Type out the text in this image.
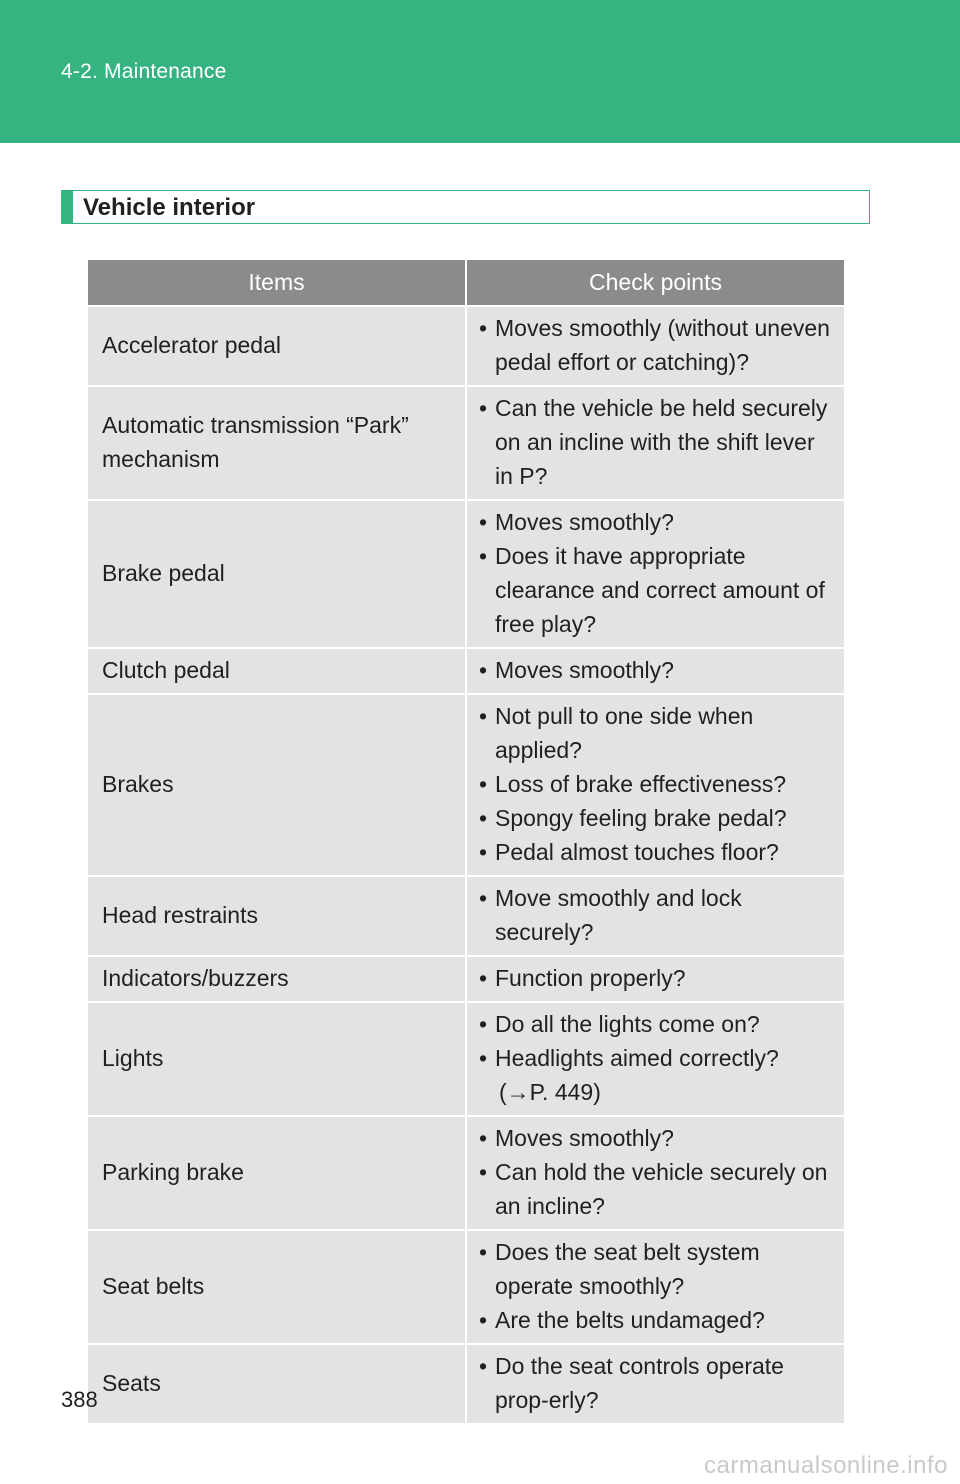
4-2. Maintenance
Vehicle interior
Items	Check points
Accelerator pedal	• Moves smoothly (without uneven pedal effort or catching)?

Automatic transmission “Park” mechanism	• Can the vehicle be held securely on an incline with the shift lever in P?

Brake pedal	• Moves smoothly?
• Does it have appropriate clearance and correct amount of free play?

Clutch pedal	• Moves smoothly?

Brakes	• Not pull to one side when applied?
• Loss of brake effectiveness?
• Spongy feeling brake pedal?
• Pedal almost touches floor?

Head restraints	• Move smoothly and lock securely?

Indicators/buzzers	• Function properly?

Lights	• Do all the lights come on?
• Headlights aimed correctly?
(→P. 449)

Parking brake	• Moves smoothly?
• Can hold the vehicle securely on an incline?

Seat belts	• Does the seat belt system operate smoothly?
• Are the belts undamaged?

Seats	• Do the seat controls operate prop-erly?
388
carmanualsonline.info
